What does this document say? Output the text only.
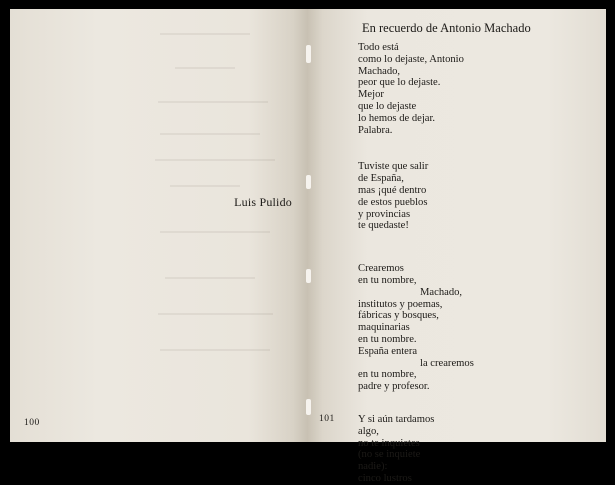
Luis Pulido
100
En recuerdo de Antonio Machado
Todo está
como lo dejaste, Antonio
Machado,
peor que lo dejaste.
Mejor
que lo dejaste
lo hemos de dejar.
Palabra.
Tuviste que salir
de España,
mas ¡qué dentro
de estos pueblos
y provincias
te quedaste!
Crearemos
en tu nombre,
Machado,
institutos y poemas,
fábricas y bosques,
maquinarias
en tu nombre.
España entera
la crearemos
en tu nombre,
padre y profesor.
Y si aún tardamos
algo,
no te inquietes
(no se inquiete
nadie):
cinco lustros
101
